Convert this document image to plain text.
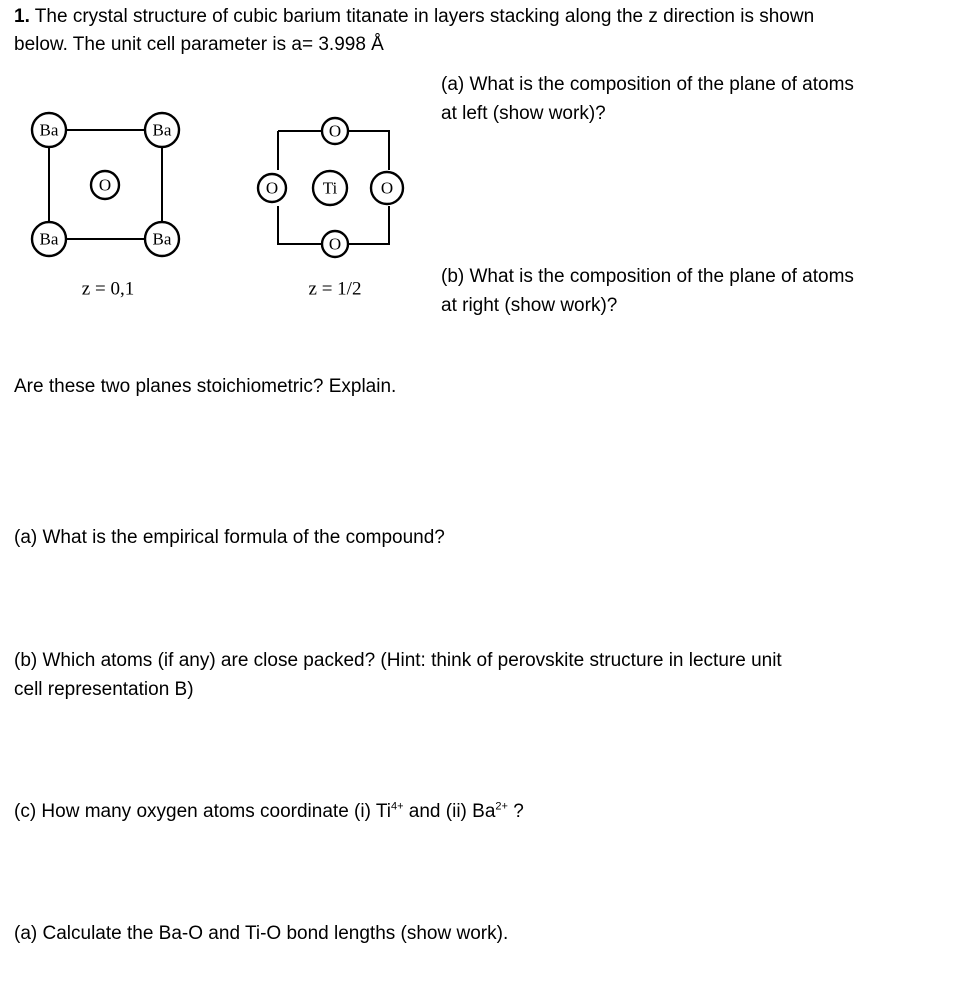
1. The crystal structure of cubic barium titanate in layers stacking along the z direction is shown
below. The unit cell parameter is a= 3.998 Å
Ba	Ba
O
Ba	Ba
z = 0,1
O
O	Ti	O
O
z = 1/2
(a) What is the composition of the plane of atoms
at left (show work)?
(b) What is the composition of the plane of atoms
at right (show work)?
Are these two planes stoichiometric? Explain.
(a) What is the empirical formula of the compound?
(b) Which atoms (if any) are close packed? (Hint: think of perovskite structure in lecture unit
cell representation B)
(c) How many oxygen atoms coordinate (i) $Ti^{4+}$ and (ii) $Ba^{2+}$ ?
(a) Calculate the Ba-O and Ti-O bond lengths (show work).
